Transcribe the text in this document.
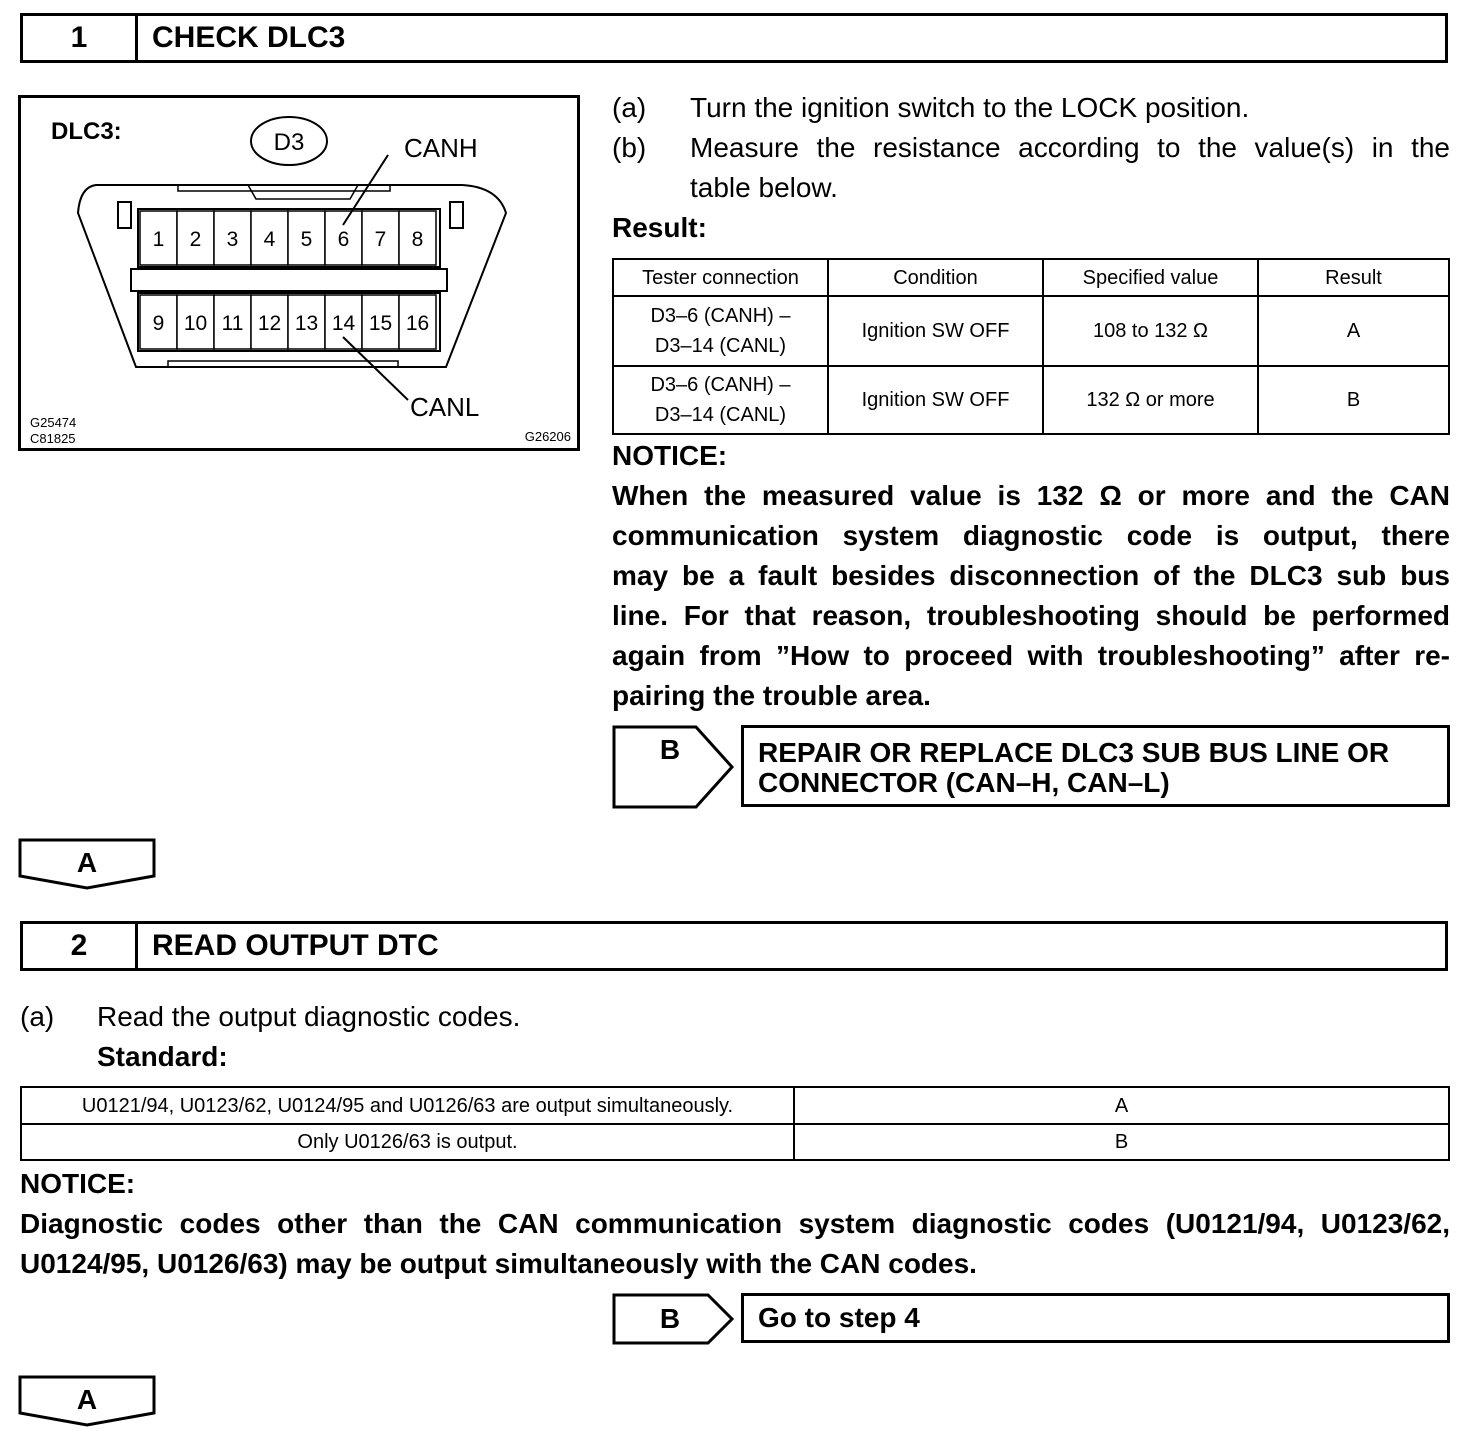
1	CHECK DLC3
DLC3:	D3	CANH
CANL
1 2 3 4 5 6 7 8
9 10 11 12 13 14 15 16
G25474
C81825	G26206
(a) Turn the ignition switch to the LOCK position.
(b) Measure the resistance according to the value(s) in the
table below.
Result:
Tester connection	Condition	Specified value	Result

D3–6 (CANH) –
D3–14 (CANL)	Ignition SW OFF	108 to 132 Ω	A

D3–6 (CANH) –
D3–14 (CANL)	Ignition SW OFF	132 Ω or more	B
NOTICE:
When the measured value is 132 Ω or more and the CAN
communication system diagnostic code is output, there
may be a fault besides disconnection of the DLC3 sub bus
line. For that reason, troubleshooting should be performed
again from ”How to proceed with troubleshooting” after re-
pairing the trouble area.
B	REPAIR OR REPLACE DLC3 SUB BUS LINE OR
CONNECTOR (CAN–H, CAN–L)
A
2	READ OUTPUT DTC
(a) Read the output diagnostic codes.
Standard:
U0121/94, U0123/62, U0124/95 and U0126/63 are output simultaneously.	A
Only U0126/63 is output.	B
NOTICE:
Diagnostic codes other than the CAN communication system diagnostic codes (U0121/94, U0123/62,
U0124/95, U0126/63) may be output simultaneously with the CAN codes.
B	Go to step 4
A
